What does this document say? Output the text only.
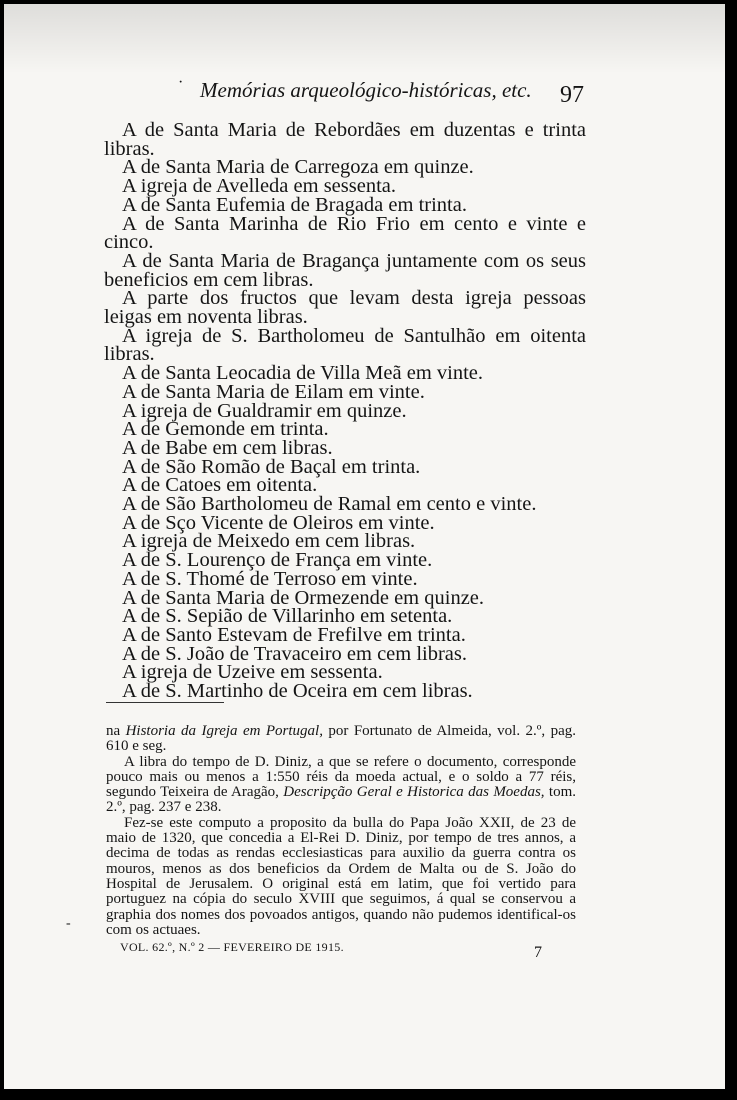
· Memórias arqueológico-históricas, etc. 97

A de Santa Maria de Rebordães em duzentas e trinta libras.

A de Santa Maria de Carregoza em quinze.

A igreja de Avelleda em sessenta.

A de Santa Eufemia de Bragada em trinta.

A de Santa Marinha de Rio Frio em cento e vinte e cinco.

A de Santa Maria de Bragança juntamente com os seus beneficios em cem libras.

A parte dos fructos que levam desta igreja pessoas leigas em noventa libras.

A igreja de S. Bartholomeu de Santulhão em oitenta libras.

A de Santa Leocadia de Villa Meã em vinte.

A de Santa Maria de Eilam em vinte.

A igreja de Gualdramir em quinze.

A de Gemonde em trinta.

A de Babe em cem libras.

A de São Romão de Baçal em trinta.

A de Catoes em oitenta.

A de São Bartholomeu de Ramal em cento e vinte.

A de Sço Vicente de Oleiros em vinte.

A igreja de Meixedo em cem libras.

A de S. Lourenço de França em vinte.

A de S. Thomé de Terroso em vinte.

A de Santa Maria de Ormezende em quinze.

A de S. Sepião de Villarinho em setenta.

A de Santo Estevam de Frefilve em trinta.

A de S. João de Travaceiro em cem libras.

A igreja de Uzeive em sessenta.

A de S. Martinho de Oceira em cem libras.

na Historia da Igreja em Portugal, por Fortunato de Almeida, vol. 2.º, pag. 610 e seg.

A libra do tempo de D. Diniz, a que se refere o documento, corresponde pouco mais ou menos a 1:550 réis da moeda actual, e o soldo a 77 réis, segundo Teixeira de Aragão, Descripção Geral e Historica das Moedas, tom. 2.º, pag. 237 e 238.

Fez-se este computo a proposito da bulla do Papa João XXII, de 23 de maio de 1320, que concedia a El-Rei D. Diniz, por tempo de tres annos, a decima de todas as rendas ecclesiasticas para auxilio da guerra contra os mouros, menos as dos beneficios da Ordem de Malta ou de S. João do Hospital de Jerusalem. O original está em latim, que foi vertido para portuguez na cópia do seculo XVIII que seguimos, á qual se conservou a graphia dos nomes dos povoados antigos, quando não pudemos identifical-os com os actuaes.

-
VOL. 62.º, N.º 2 — FEVEREIRO DE 1915.	7
